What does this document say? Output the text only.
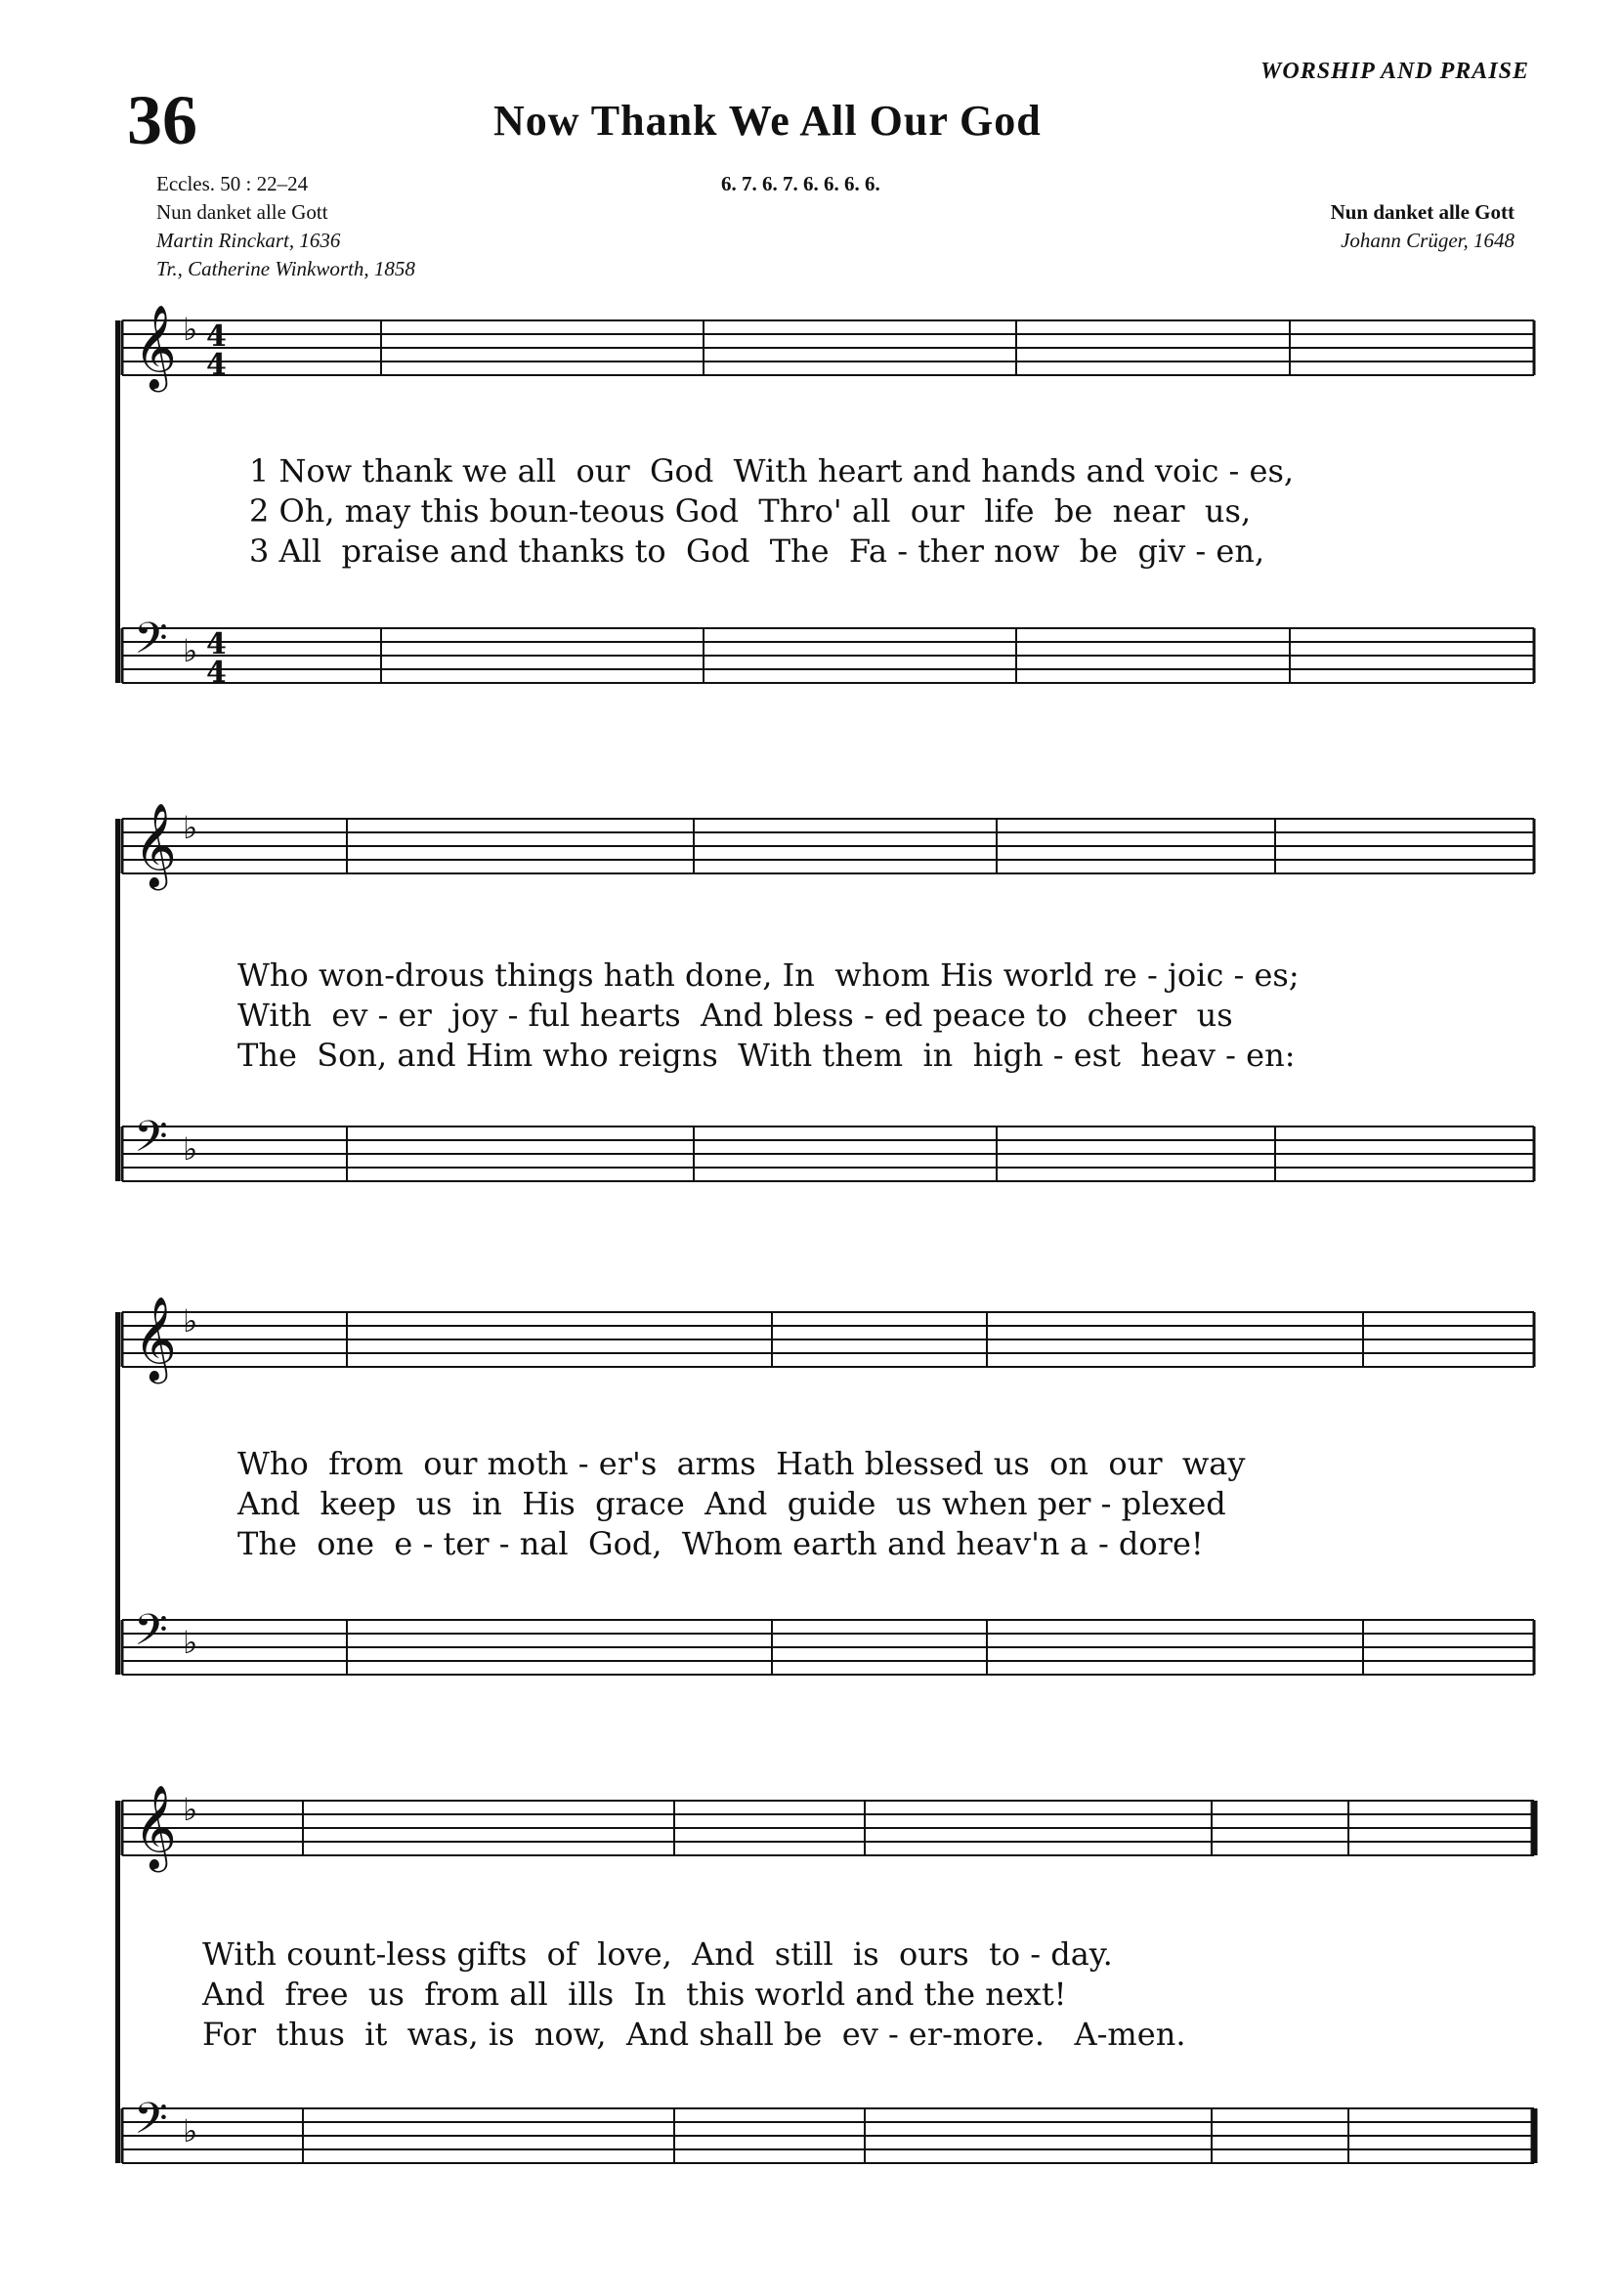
WORSHIP AND PRAISE
36	Now Thank We All Our God
Eccles. 50 : 22–24
Nun danket alle Gott
Martin Rinckart, 1636
Tr., Catherine Winkworth, 1858
6. 7. 6. 7. 6. 6. 6. 6.
Nun danket alle Gott
Johann Crüger, 1648
𝄞 ♭ 4
4
𝄢 ♭ 4
4
1 Now thank we all  our  God  With heart and hands and voic - es,
2 Oh, may this boun-teous God  Thro' all  our  life  be  near  us,
3 All  praise and thanks to  God  The  Fa - ther now  be  giv - en,
𝄞 ♭
𝄢 ♭
Who won-drous things hath done, In  whom His world re - joic - es;
With  ev - er  joy - ful hearts  And bless - ed peace to  cheer  us
The  Son, and Him who reigns  With them  in  high - est  heav - en:
𝄞 ♭
𝄢 ♭
Who  from  our moth - er's  arms  Hath blessed us  on  our  way
And  keep  us  in  His  grace  And  guide  us when per - plexed
The  one  e - ter - nal  God,  Whom earth and heav'n a - dore!
𝄞 ♭
𝄢 ♭
With count-less gifts  of  love,  And  still  is  ours  to - day.
And  free  us  from all  ills  In  this world and the next!
For  thus  it  was, is  now,  And shall be  ev - er-more.   A-men.
